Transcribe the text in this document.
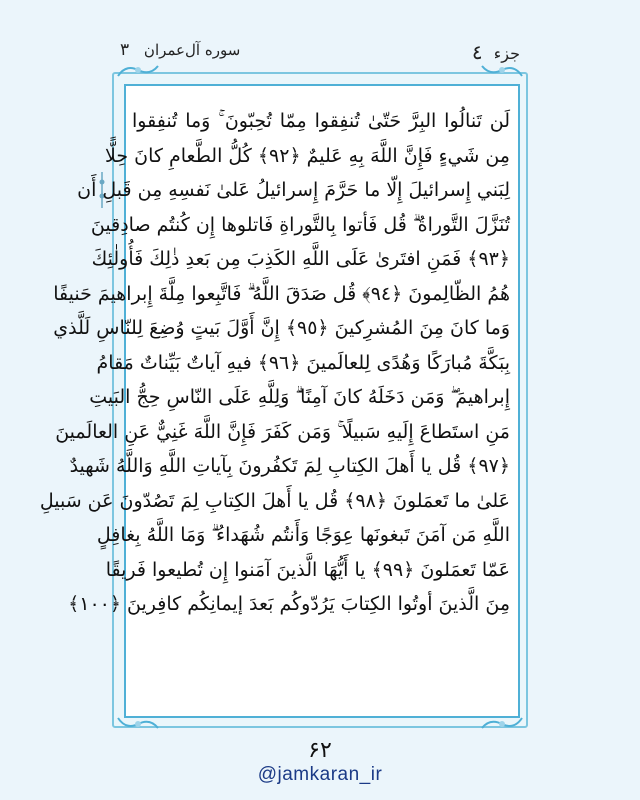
جزء ٤
سوره آل‌عمران ۳
لَن تَنالُوا البِرَّ حَتّىٰ تُنفِقوا مِمّا تُحِبّونَ ۚ وَما تُنفِقوا
مِن شَيءٍ فَإِنَّ اللَّهَ بِهِ عَليمٌ ﴿٩٢﴾ كُلُّ الطَّعامِ كانَ حِلًّا
لِبَني إِسرائيلَ إِلّا ما حَرَّمَ إِسرائيلُ عَلىٰ نَفسِهِ مِن قَبلِ أَن
تُنَزَّلَ التَّوراةُ ۗ قُل فَأتوا بِالتَّوراةِ فَاتلوها إِن كُنتُم صادِقينَ
﴿٩٣﴾ فَمَنِ افتَرىٰ عَلَى اللَّهِ الكَذِبَ مِن بَعدِ ذٰلِكَ فَأُولٰئِكَ
هُمُ الظّالِمونَ ﴿٩٤﴾ قُل صَدَقَ اللَّهُ ۗ فَاتَّبِعوا مِلَّةَ إِبراهيمَ حَنيفًا
وَما كانَ مِنَ المُشرِكينَ ﴿٩٥﴾ إِنَّ أَوَّلَ بَيتٍ وُضِعَ لِلنّاسِ لَلَّذي
بِبَكَّةَ مُبارَكًا وَهُدًى لِلعالَمينَ ﴿٩٦﴾ فيهِ آياتٌ بَيِّناتٌ مَقامُ
إِبراهيمَ ۖ وَمَن دَخَلَهُ كانَ آمِنًا ۗ وَلِلَّهِ عَلَى النّاسِ حِجُّ البَيتِ
مَنِ استَطاعَ إِلَيهِ سَبيلًا ۚ وَمَن كَفَرَ فَإِنَّ اللَّهَ غَنِيٌّ عَنِ العالَمينَ
﴿٩٧﴾ قُل يا أَهلَ الكِتابِ لِمَ تَكفُرونَ بِآياتِ اللَّهِ وَاللَّهُ شَهيدٌ
عَلىٰ ما تَعمَلونَ ﴿٩٨﴾ قُل يا أَهلَ الكِتابِ لِمَ تَصُدّونَ عَن سَبيلِ
اللَّهِ مَن آمَنَ تَبغونَها عِوَجًا وَأَنتُم شُهَداءُ ۗ وَمَا اللَّهُ بِغافِلٍ
عَمّا تَعمَلونَ ﴿٩٩﴾ يا أَيُّهَا الَّذينَ آمَنوا إِن تُطيعوا فَريقًا
مِنَ الَّذينَ أوتُوا الكِتابَ يَرُدّوكُم بَعدَ إيمانِكُم كافِرينَ ﴿١٠٠﴾
۶۲
@jamkaran_ir
